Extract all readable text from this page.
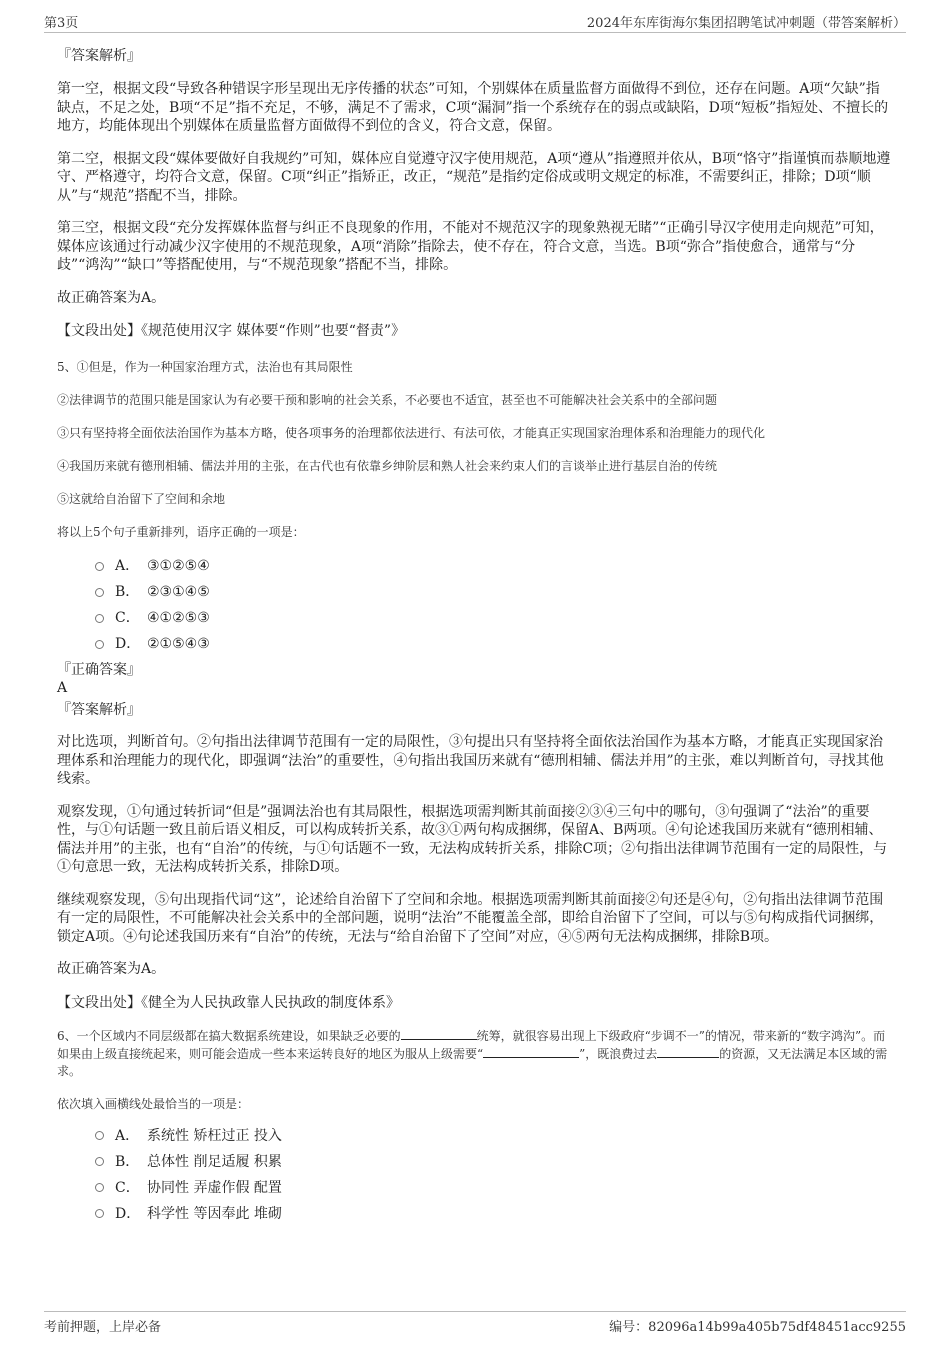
第3页	2024年东库街海尔集团招聘笔试冲刺题（带答案解析）
『答案解析』

第一空，根据文段“导致各种错误字形呈现出无序传播的状态”可知，个别媒体在质量监督方面做得不到位，还存在问题。A项“欠缺”指缺点，不足之处，B项“不足”指不充足，不够，满足不了需求，C项“漏洞”指一个系统存在的弱点或缺陷，D项“短板”指短处、不擅长的地方，均能体现出个别媒体在质量监督方面做得不到位的含义，符合文意，保留。

第二空，根据文段“媒体要做好自我规约”可知，媒体应自觉遵守汉字使用规范，A项“遵从”指遵照并依从，B项“恪守”指谨慎而恭顺地遵守、严格遵守，均符合文意，保留。C项“纠正”指矫正，改正，“规范”是指约定俗成或明文规定的标准，不需要纠正，排除；D项“顺从”与“规范”搭配不当，排除。

第三空，根据文段“充分发挥媒体监督与纠正不良现象的作用，不能对不规范汉字的现象熟视无睹”“正确引导汉字使用走向规范”可知，媒体应该通过行动减少汉字使用的不规范现象，A项“消除”指除去，使不存在，符合文意，当选。B项“弥合”指使愈合，通常与“分歧”“鸿沟”“缺口”等搭配使用，与“不规范现象”搭配不当，排除。

故正确答案为A。

【文段出处】《规范使用汉字 媒体要“作则”也要“督责”》

5、①但是，作为一种国家治理方式，法治也有其局限性

②法律调节的范围只能是国家认为有必要干预和影响的社会关系，不必要也不适宜，甚至也不可能解决社会关系中的全部问题

③只有坚持将全面依法治国作为基本方略，使各项事务的治理都依法进行、有法可依，才能真正实现国家治理体系和治理能力的现代化

④我国历来就有德刑相辅、儒法并用的主张，在古代也有依靠乡绅阶层和熟人社会来约束人们的言谈举止进行基层自治的传统

⑤这就给自治留下了空间和余地

将以上5个句子重新排列，语序正确的一项是：

A． ③①②⑤④
B． ②③①④⑤
C． ④①②⑤③
D． ②①⑤④③
『正确答案』
A
『答案解析』

对比选项，判断首句。②句指出法律调节范围有一定的局限性，③句提出只有坚持将全面依法治国作为基本方略，才能真正实现国家治理体系和治理能力的现代化，即强调“法治”的重要性，④句指出我国历来就有“德刑相辅、儒法并用”的主张，难以判断首句，寻找其他线索。

观察发现，①句通过转折词“但是”强调法治也有其局限性，根据选项需判断其前面接②③④三句中的哪句，③句强调了“法治”的重要性，与①句话题一致且前后语义相反，可以构成转折关系，故③①两句构成捆绑，保留A、B两项。④句论述我国历来就有“德刑相辅、儒法并用”的主张，也有“自治”的传统，与①句话题不一致，无法构成转折关系，排除C项；②句指出法律调节范围有一定的局限性，与①句意思一致，无法构成转折关系，排除D项。

继续观察发现，⑤句出现指代词“这”，论述给自治留下了空间和余地。根据选项需判断其前面接②句还是④句，②句指出法律调节范围有一定的局限性，不可能解决社会关系中的全部问题，说明“法治”不能覆盖全部，即给自治留下了空间，可以与⑤句构成指代词捆绑，锁定A项。④句论述我国历来有“自治”的传统，无法与“给自治留下了空间”对应，④⑤两句无法构成捆绑，排除B项。

故正确答案为A。

【文段出处】《健全为人民执政靠人民执政的制度体系》

6、一个区域内不同层级都在搞大数据系统建设，如果缺乏必要的	统筹，就很容易出现上下级政府“步调不一”的情况，带来新的“数字鸿沟”。而如果由上级直接统起来，则可能会造成一些本来运转良好的地区为服从上级需要“	”，既浪费过去	的资源，又无法满足本区域的需求。

依次填入画横线处最恰当的一项是：

A． 系统性 矫枉过正 投入
B． 总体性 削足适履 积累
C． 协同性 弄虚作假 配置
D． 科学性 等因奉此 堆砌
考前押题，上岸必备	编号：82096a14b99a405b75df48451acc9255
